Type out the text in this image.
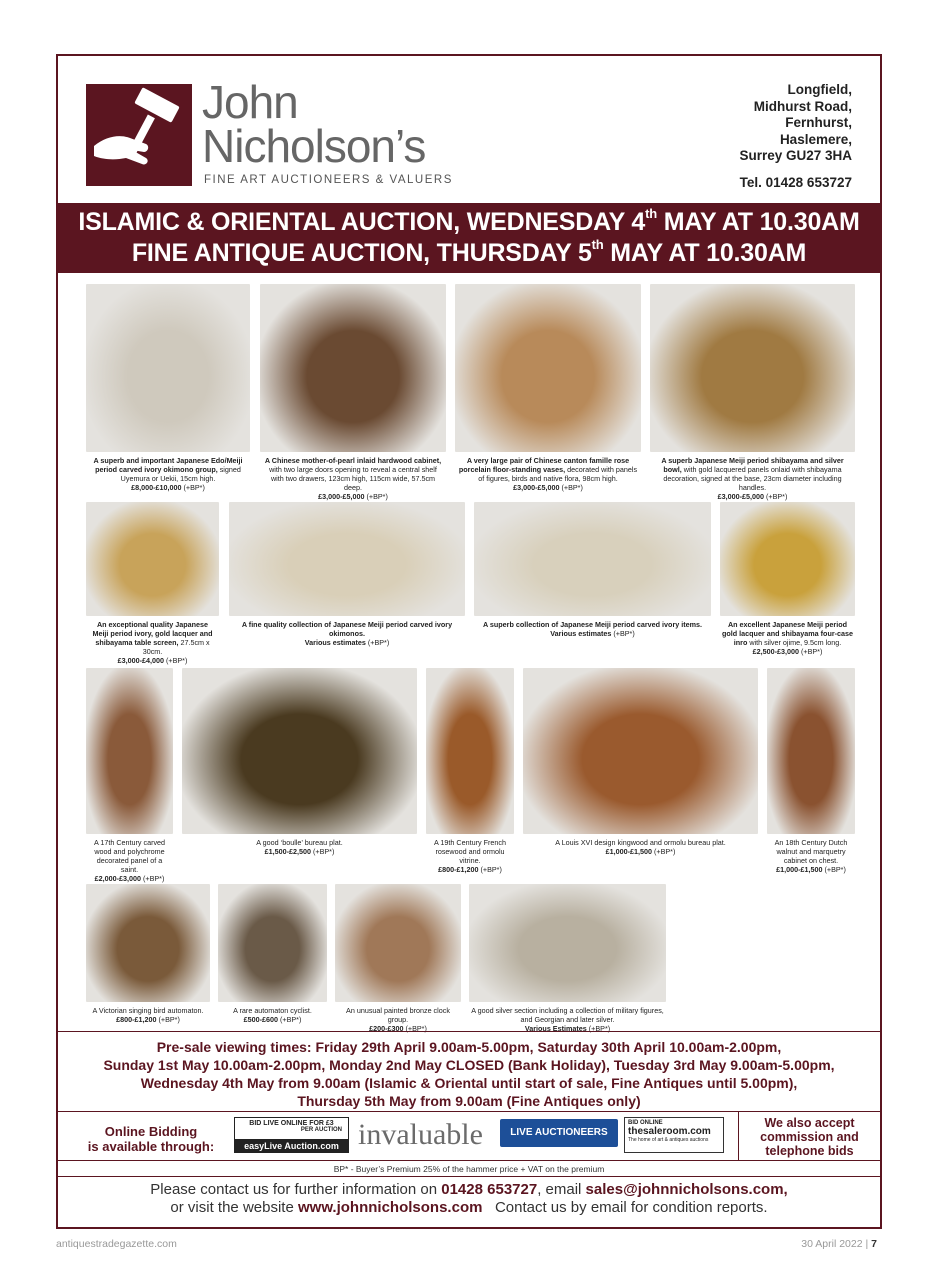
John
Nicholson’s
FINE ART AUCTIONEERS & VALUERS
Longfield,
Midhurst Road,
Fernhurst,
Haslemere,
Surrey GU27 3HA
Tel. 01428 653727
ISLAMIC & ORIENTAL AUCTION, WEDNESDAY 4th MAY AT 10.30AM
FINE ANTIQUE AUCTION, THURSDAY 5th MAY AT 10.30AM
A superb and important Japanese Edo/Meiji period carved ivory okimono group, signed Uyemura or Uekii, 15cm high.
£8,000-£10,000 (+BP*)
A Chinese mother-of-pearl inlaid hardwood cabinet, with two large doors opening to reveal a central shelf with two drawers, 123cm high, 115cm wide, 57.5cm deep.
£3,000-£5,000 (+BP*)
A very large pair of Chinese canton famille rose porcelain floor-standing vases, decorated with panels of figures, birds and native flora, 98cm high.
£3,000-£5,000 (+BP*)
A superb Japanese Meiji period shibayama and silver bowl, with gold lacquered panels onlaid with shibayama decoration, signed at the base, 23cm diameter including handles.
£3,000-£5,000 (+BP*)
An exceptional quality Japanese Meiji period ivory, gold lacquer and shibayama table screen, 27.5cm x 30cm.
£3,000-£4,000 (+BP*)
A fine quality collection of Japanese Meiji period carved ivory okimonos.
Various estimates (+BP*)
A superb collection of Japanese Meiji period carved ivory items.
Various estimates (+BP*)
An excellent Japanese Meiji period gold lacquer and shibayama four-case inro with silver ojime, 9.5cm long.
£2,500-£3,000 (+BP*)
A 17th Century carved wood and polychrome decorated panel of a saint.
£2,000-£3,000 (+BP*)
A good ‘boulle’ bureau plat.
£1,500-£2,500 (+BP*)
A 19th Century French rosewood and ormolu vitrine.
£800-£1,200 (+BP*)
A Louis XVI design kingwood and ormolu bureau plat.
£1,000-£1,500 (+BP*)
An 18th Century Dutch walnut and marquetry cabinet on chest.
£1,000-£1,500 (+BP*)
A Victorian singing bird automaton.
£800-£1,200 (+BP*)
A rare automaton cyclist.
£500-£600 (+BP*)
An unusual painted bronze clock group.
£200-£300 (+BP*)
A good silver section including a collection of military figures, and Georgian and later silver.
Various Estimates (+BP*)
Pre-sale viewing times: Friday 29th April 9.00am-5.00pm, Saturday 30th April 10.00am-2.00pm,
Sunday 1st May 10.00am-2.00pm, Monday 2nd May CLOSED (Bank Holiday), Tuesday 3rd May 9.00am-5.00pm,
Wednesday 4th May from 9.00am (Islamic & Oriental until start of sale, Fine Antiques until 5.00pm),
Thursday 5th May from 9.00am (Fine Antiques only)
Online Bidding
is available through:
BID LIVE ONLINE FOR £3
PER AUCTION
easyLive Auction.com invaluable	LIVE AUCTIONEERS
BID ONLINE
thesaleroom.com
The home of art & antiques auctions
We also accept
commission and
telephone bids
BP* - Buyer’s Premium 25% of the hammer price + VAT on the premium
Please contact us for further information on 01428 653727, email sales@johnnicholsons.com,
or visit the website www.johnnicholsons.com   Contact us by email for condition reports.
antiquestradegazette.com	30 April 2022 | 7
